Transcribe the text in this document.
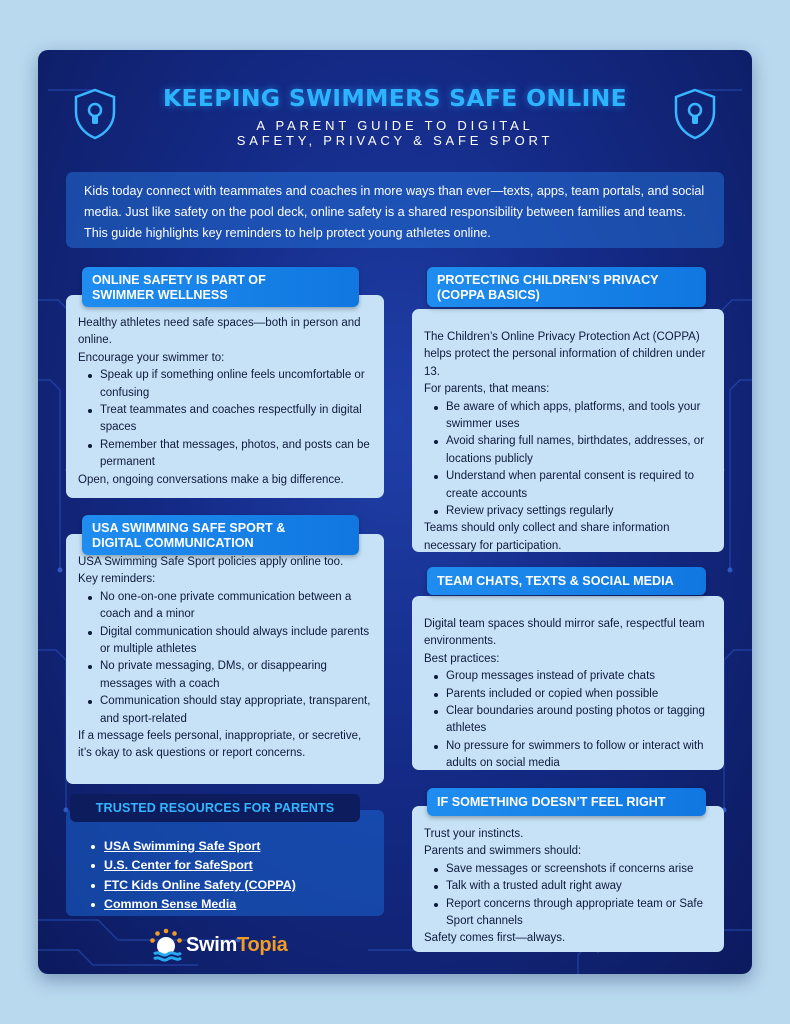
KEEPING SWIMMERS SAFE ONLINE
A PARENT GUIDE TO DIGITAL
SAFETY, PRIVACY & SAFE SPORT
Kids today connect with teammates and coaches in more ways than ever—texts, apps, team portals, and social media. Just like safety on the pool deck, online safety is a shared responsibility between families and teams. This guide highlights key reminders to help protect young athletes online.

Healthy athletes need safe spaces—both in person and online.

Encourage your swimmer to:

Speak up if something online feels uncomfortable or confusing
Treat teammates and coaches respectfully in digital spaces
Remember that messages, photos, and posts can be permanent

Open, ongoing conversations make a big difference.

ONLINE SAFETY IS PART OF
SWIMMER WELLNESS

USA Swimming Safe Sport policies apply online too.

Key reminders:

No one-on-one private communication between a coach and a minor
Digital communication should always include parents or multiple athletes
No private messaging, DMs, or disappearing messages with a coach
Communication should stay appropriate, transparent, and sport-related

If a message feels personal, inappropriate, or secretive, it’s okay to ask questions or report concerns.

USA SWIMMING SAFE SPORT &
DIGITAL COMMUNICATION
USA Swimming Safe Sport
U.S. Center for SafeSport
FTC Kids Online Safety (COPPA)
Common Sense Media
TRUSTED RESOURCES FOR PARENTS
SwimTopia

The Children’s Online Privacy Protection Act (COPPA) helps protect the personal information of children under 13.

For parents, that means:

Be aware of which apps, platforms, and tools your swimmer uses
Avoid sharing full names, birthdates, addresses, or locations publicly
Understand when parental consent is required to create accounts
Review privacy settings regularly

Teams should only collect and share information necessary for participation.

PROTECTING CHILDREN’S PRIVACY
(COPPA BASICS)

Digital team spaces should mirror safe, respectful team environments.

Best practices:

Group messages instead of private chats
Parents included or copied when possible
Clear boundaries around posting photos or tagging athletes
No pressure for swimmers to follow or interact with adults on social media
TEAM CHATS, TEXTS & SOCIAL MEDIA

Trust your instincts.

Parents and swimmers should:

Save messages or screenshots if concerns arise
Talk with a trusted adult right away
Report concerns through appropriate team or Safe Sport channels

Safety comes first—always.

IF SOMETHING DOESN’T FEEL RIGHT
